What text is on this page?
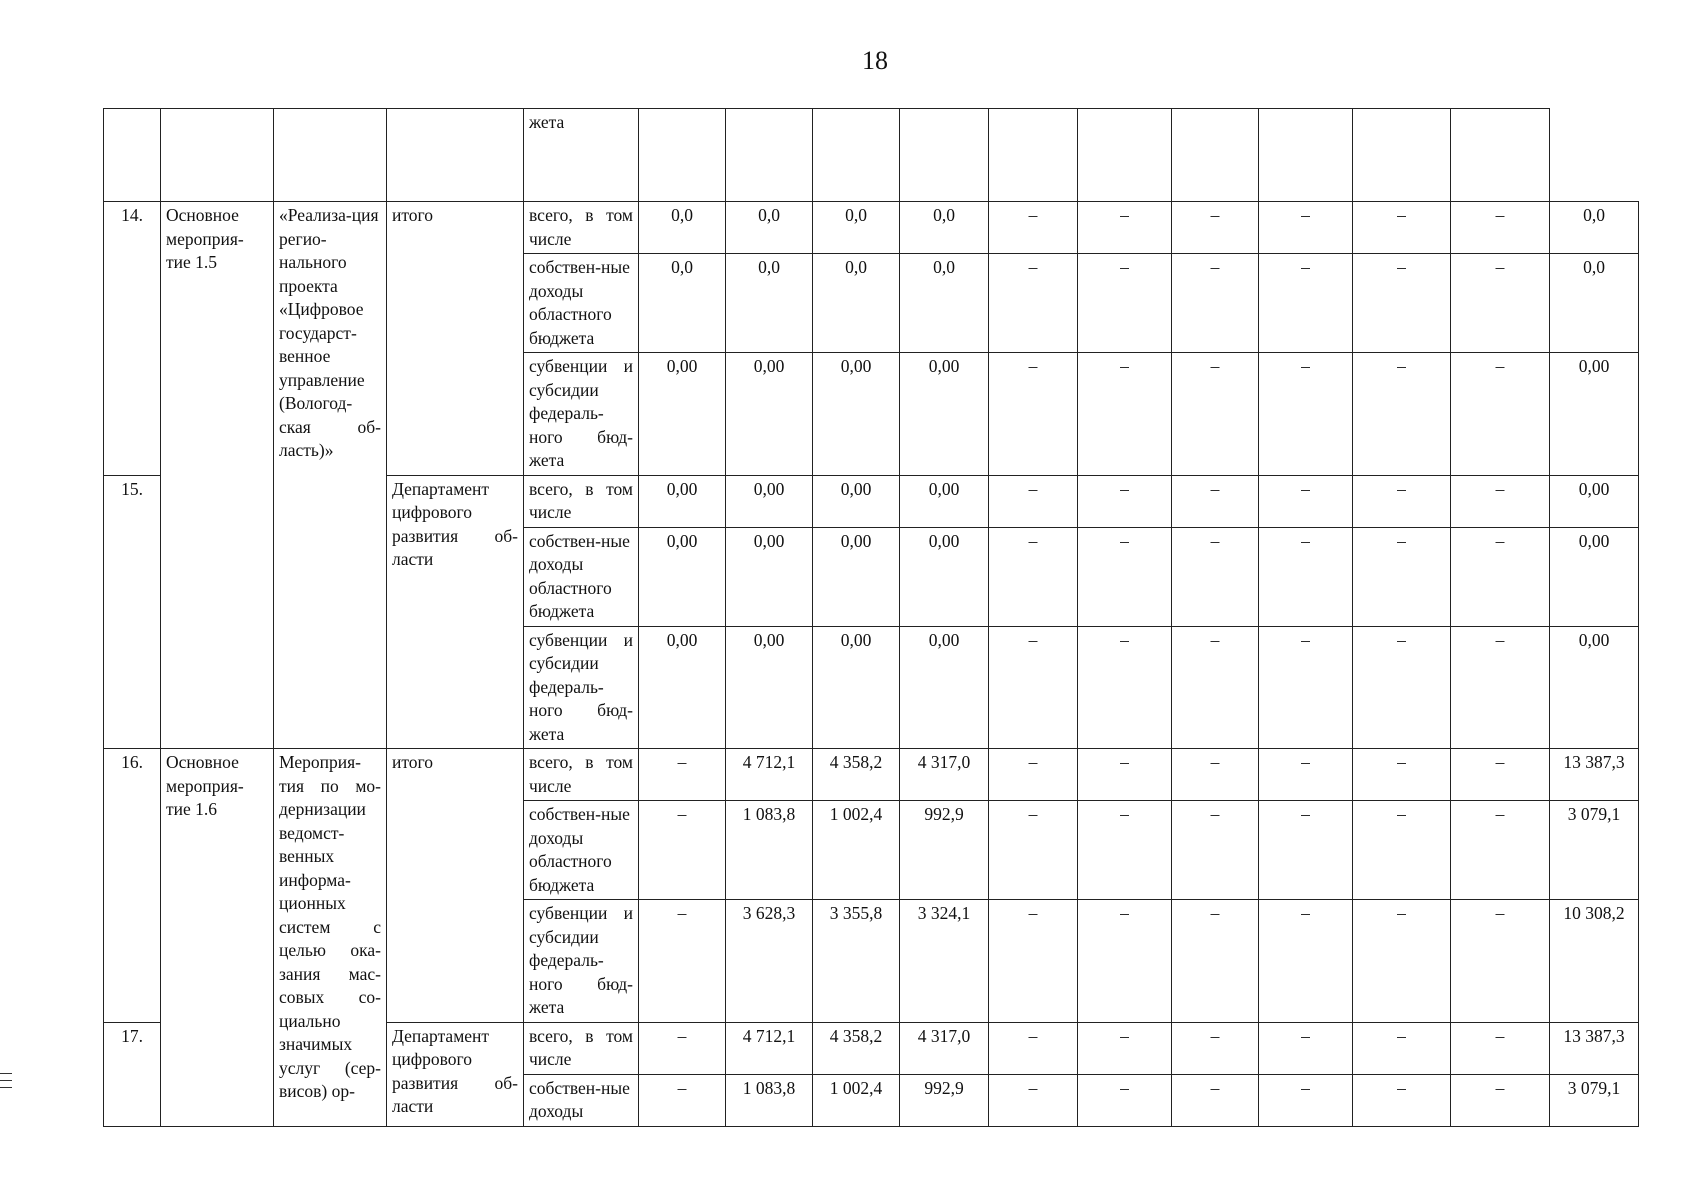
18
				жета											
14.	Основное мероприя-тие 1.5	«Реализа-ция регио-нального проекта «Цифровое государст-венное управление (Вологод-ская об-ласть)»	итого	всего, в том числе	0,0	0,0	0,0	0,0	–	–	–	–	–	–	0,0
				собствен-ные доходы областного бюджета	0,0	0,0	0,0	0,0	–	–	–	–	–	–	0,0
				субвенции и субсидии федераль-ного бюд-жета	0,00	0,00	0,00	0,00	–	–	–	–	–	–	0,00
15.			Департамент цифрового развития об-ласти	всего, в том числе	0,00	0,00	0,00	0,00	–	–	–	–	–	–	0,00
				собствен-ные доходы областного бюджета	0,00	0,00	0,00	0,00	–	–	–	–	–	–	0,00
				субвенции и субсидии федераль-ного бюд-жета	0,00	0,00	0,00	0,00	–	–	–	–	–	–	0,00
16.	Основное мероприя-тие 1.6	Мероприя-тия по мо-дернизации ведомст-венных информа-ционных систем с целью ока-зания мас-совых со-циально значимых услуг (сер-висов) ор-	итого	всего, в том числе	–	4 712,1	4 358,2	4 317,0	–	–	–	–	–	–	13 387,3
				собствен-ные доходы областного бюджета	–	1 083,8	1 002,4	992,9	–	–	–	–	–	–	3 079,1
				субвенции и субсидии федераль-ного бюд-жета	–	3 628,3	3 355,8	3 324,1	–	–	–	–	–	–	10 308,2
17.			Департамент цифрового развития об-ласти	всего, в том числе	–	4 712,1	4 358,2	4 317,0	–	–	–	–	–	–	13 387,3
				собствен-ные доходы	–	1 083,8	1 002,4	992,9	–	–	–	–	–	–	3 079,1
